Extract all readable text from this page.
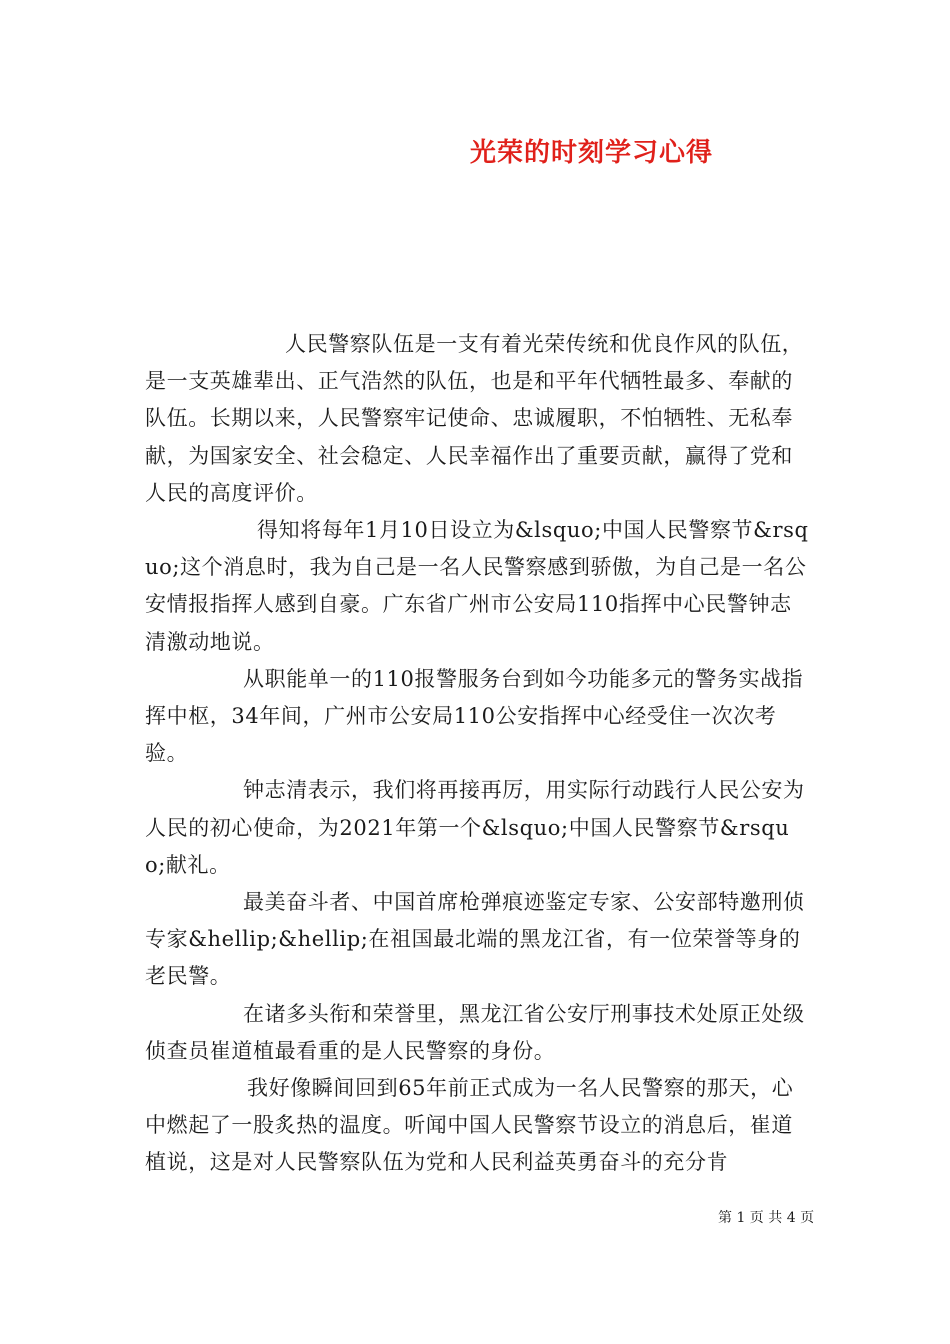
光荣的时刻学习心得

人民警察队伍是一支有着光荣传统和优良作风的队伍，是一支英雄辈出、正气浩然的队伍，也是和平年代牺牲最多、奉献的队伍。长期以来，人民警察牢记使命、忠诚履职，不怕牺牲、无私奉献，为国家安全、社会稳定、人民幸福作出了重要贡献，赢得了党和人民的高度评价。

得知将每年1月10日设立为&lsquo;中国人民警察节&rsquo;这个消息时，我为自己是一名人民警察感到骄傲，为自己是一名公安情报指挥人感到自豪。广东省广州市公安局110指挥中心民警钟志清激动地说。

从职能单一的110报警服务台到如今功能多元的警务实战指挥中枢，34年间，广州市公安局110公安指挥中心经受住一次次考验。

钟志清表示，我们将再接再厉，用实际行动践行人民公安为人民的初心使命，为2021年第一个&lsquo;中国人民警察节&rsquo;献礼。

最美奋斗者、中国首席枪弹痕迹鉴定专家、公安部特邀刑侦专家&hellip;&hellip;在祖国最北端的黑龙江省，有一位荣誉等身的老民警。

在诸多头衔和荣誉里，黑龙江省公安厅刑事技术处原正处级侦查员崔道植最看重的是人民警察的身份。

我好像瞬间回到65年前正式成为一名人民警察的那天，心中燃起了一股炙热的温度。听闻中国人民警察节设立的消息后，崔道植说，这是对人民警察队伍为党和人民利益英勇奋斗的充分肯

第 1 页 共 4 页
